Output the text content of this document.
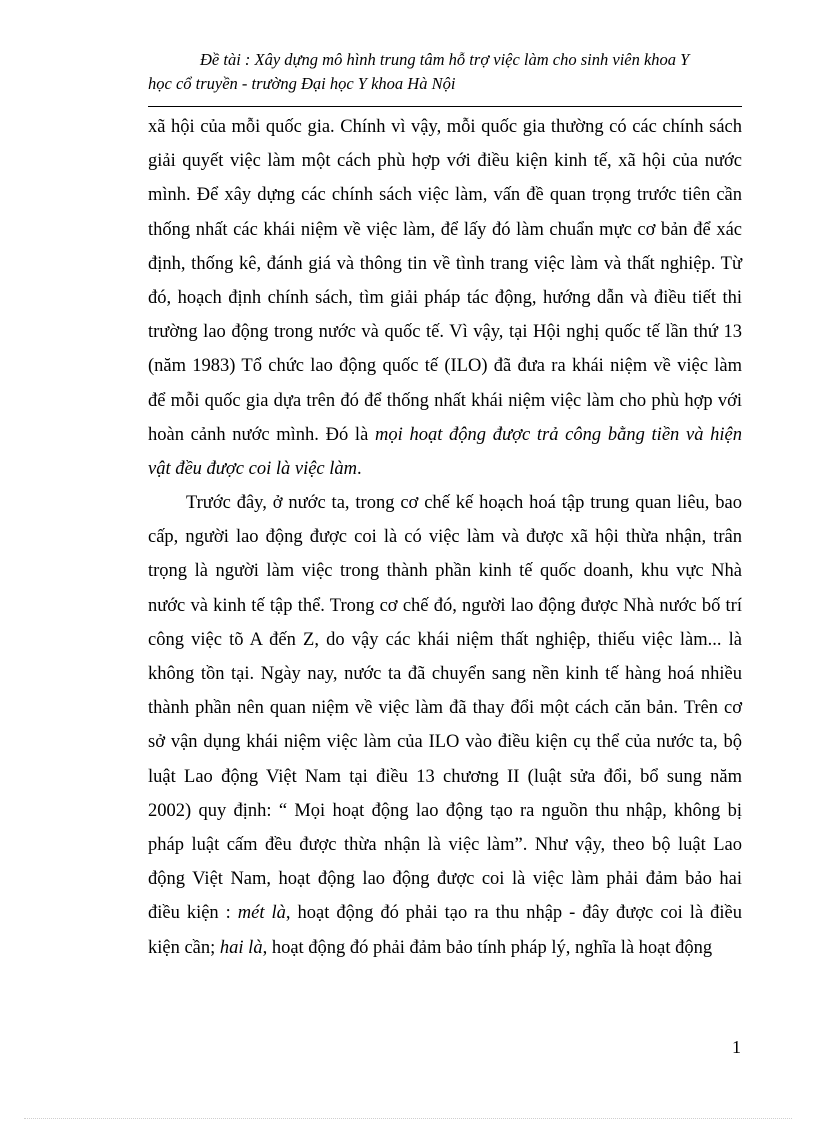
Đề tài : Xây dựng mô hình trung tâm hỗ trợ việc làm cho sinh viên khoa Y
học cổ truyền - trường Đại học Y khoa Hà Nội
xã hội của mỗi quốc gia. Chính vì vậy, mỗi quốc gia thường có các chính sách
giải quyết việc làm một cách phù hợp với điều kiện kinh tế, xã hội của nước
mình. Để xây dựng các chính sách việc làm, vấn đề quan trọng trước tiên cần
thống nhất các khái niệm về việc làm, để lấy đó làm chuẩn mực cơ bản để xác
định, thống kê, đánh giá và thông tin về tình trang việc làm và thất nghiệp. Từ
đó, hoạch định chính sách, tìm giải pháp tác động, hướng dẫn và điều tiết thi
trường lao động trong nước và quốc tế. Vì vậy, tại Hội nghị quốc tế lần thứ 13
(năm 1983) Tổ chức lao động quốc tế (ILO) đã đưa ra khái niệm về việc làm
để mỗi quốc gia dựa trên đó để thống nhất khái niệm việc làm cho phù hợp với
hoàn cảnh nước mình. Đó là mọi hoạt động được trả công bằng tiền và hiện
vật đều được coi là việc làm.
Trước đây, ở nước ta, trong cơ chế kế hoạch hoá tập trung quan liêu, bao
cấp, người lao động được coi là có việc làm và được xã hội thừa nhận, trân
trọng là người làm việc trong thành phần kinh tế quốc doanh, khu vực Nhà
nước và kinh tế tập thể. Trong cơ chế đó, người lao động được Nhà nước bố trí
công việc tõ A đến Z, do vậy các khái niệm thất nghiệp, thiếu việc làm... là
không tồn tại. Ngày nay, nước ta đã chuyển sang nền kinh tế hàng hoá nhiều
thành phần nên quan niệm về việc làm đã thay đổi một cách căn bản. Trên cơ
sở vận dụng khái niệm việc làm của ILO vào điều kiện cụ thể của nước ta, bộ
luật Lao động Việt Nam tại điều 13 chương II (luật sửa đổi, bổ sung năm
2002) quy định: “ Mọi hoạt động lao động tạo ra nguồn thu nhập, không bị
pháp luật cấm đều được thừa nhận là việc làm”. Như vậy, theo bộ luật Lao
động Việt Nam, hoạt động lao động được coi là việc làm phải đảm bảo hai
điều kiện : mét là, hoạt động đó phải tạo ra thu nhập - đây được coi là điều
kiện cần; hai là, hoạt động đó phải đảm bảo tính pháp lý, nghĩa là hoạt động
1
